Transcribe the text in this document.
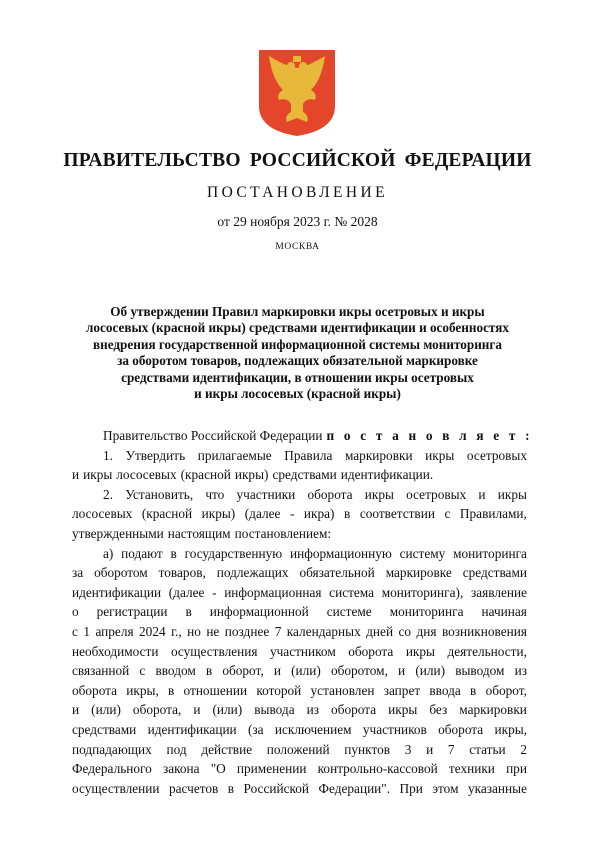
ПРАВИТЕЛЬСТВО РОССИЙСКОЙ ФЕДЕРАЦИИ
ПОСТАНОВЛЕНИЕ
от 29 ноября 2023 г. № 2028
МОСКВА
Об утверждении Правил маркировки икры осетровых и икры
лососевых (красной икры) средствами идентификации и особенностях
внедрения государственной информационной системы мониторинга
за оборотом товаров, подлежащих обязательной маркировке
средствами идентификации, в отношении икры осетровых
и икры лососевых (красной икры)
Правительство Российской Федерации п о с т а н о в л я е т :
1. Утвердить прилагаемые Правила маркировки икры осетровых
и икры лососевых (красной икры) средствами идентификации.
2. Установить, что участники оборота икры осетровых и икры
лососевых (красной икры) (далее - икра) в соответствии с Правилами,
утвержденными настоящим постановлением:
а) подают в государственную информационную систему мониторинга
за оборотом товаров, подлежащих обязательной маркировке средствами
идентификации (далее - информационная система мониторинга), заявление
о регистрации в информационной системе мониторинга начиная
с 1 апреля 2024 г., но не позднее 7 календарных дней со дня возникновения
необходимости осуществления участником оборота икры деятельности,
связанной с вводом в оборот, и (или) оборотом, и (или) выводом из
оборота икры, в отношении которой установлен запрет ввода в оборот,
и (или) оборота, и (или) вывода из оборота икры без маркировки
средствами идентификации (за исключением участников оборота икры,
подпадающих под действие положений пунктов 3 и 7 статьи 2
Федерального закона "О применении контрольно-кассовой техники при
осуществлении расчетов в Российской Федерации". При этом указанные
